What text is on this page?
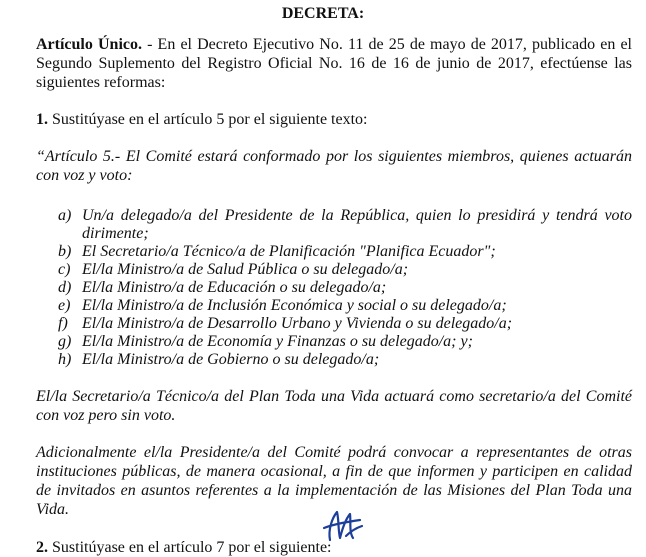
DECRETA:

Artículo Único. - En el Decreto Ejecutivo No. 11 de 25 de mayo de 2017, publicado en el Segundo Suplemento del Registro Oficial No. 16 de 16 de junio de 2017, efectúense las siguientes reformas:

1. Sustitúyase en el artículo 5 por el siguiente texto:

“Artículo 5.- El Comité estará conformado por los siguientes miembros, quienes actuarán con voz y voto:

a) Un/a delegado/a del Presidente de la República, quien lo presidirá y tendrá voto dirimente;
b) El Secretario/a Técnico/a de Planificación "Planifica Ecuador";
c) El/la Ministro/a de Salud Pública o su delegado/a;
d) El/la Ministro/a de Educación o su delegado/a;
e) El/la Ministro/a de Inclusión Económica y social o su delegado/a;
f) El/la Ministro/a de Desarrollo Urbano y Vivienda o su delegado/a;
g) El/la Ministro/a de Economía y Finanzas o su delegado/a; y;
h) El/la Ministro/a de Gobierno o su delegado/a;

El/la Secretario/a Técnico/a del Plan Toda una Vida actuará como secretario/a del Comité con voz pero sin voto.

Adicionalmente el/la Presidente/a del Comité podrá convocar a representantes de otras instituciones públicas, de manera ocasional, a fin de que informen y participen en calidad de invitados en asuntos referentes a la implementación de las Misiones del Plan Toda una Vida.

2. Sustitúyase en el artículo 7 por el siguiente:
